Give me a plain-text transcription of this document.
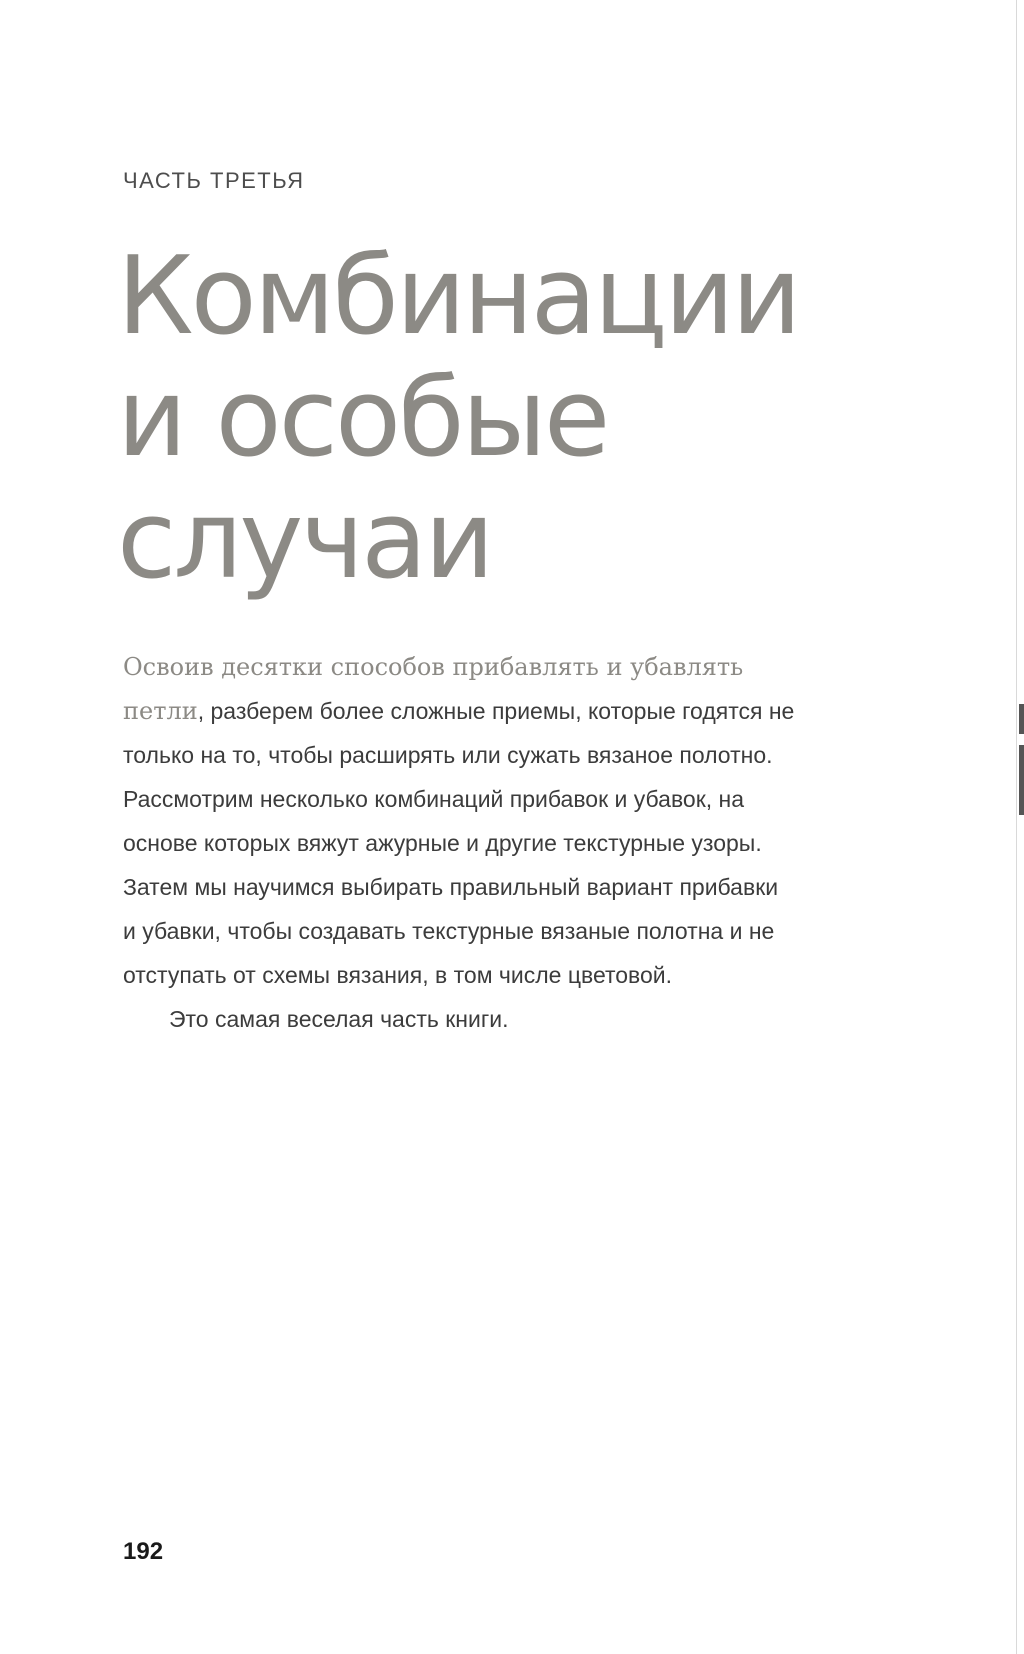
ЧАСТЬ ТРЕТЬЯ
Комбинации
и особые
случаи
Освоив десятки способов прибавлять и убавлять
петли, разберем более сложные приемы, которые годятся не
только на то, чтобы расширять или сужать вязаное полотно.
Рассмотрим несколько комбинаций прибавок и убавок, на
основе которых вяжут ажурные и другие текстурные узоры.
Затем мы научимся выбирать правильный вариант прибавки
и убавки, чтобы создавать текстурные вязаные полотна и не
отступать от схемы вязания, в том числе цветовой.
Это самая веселая часть книги.
192
